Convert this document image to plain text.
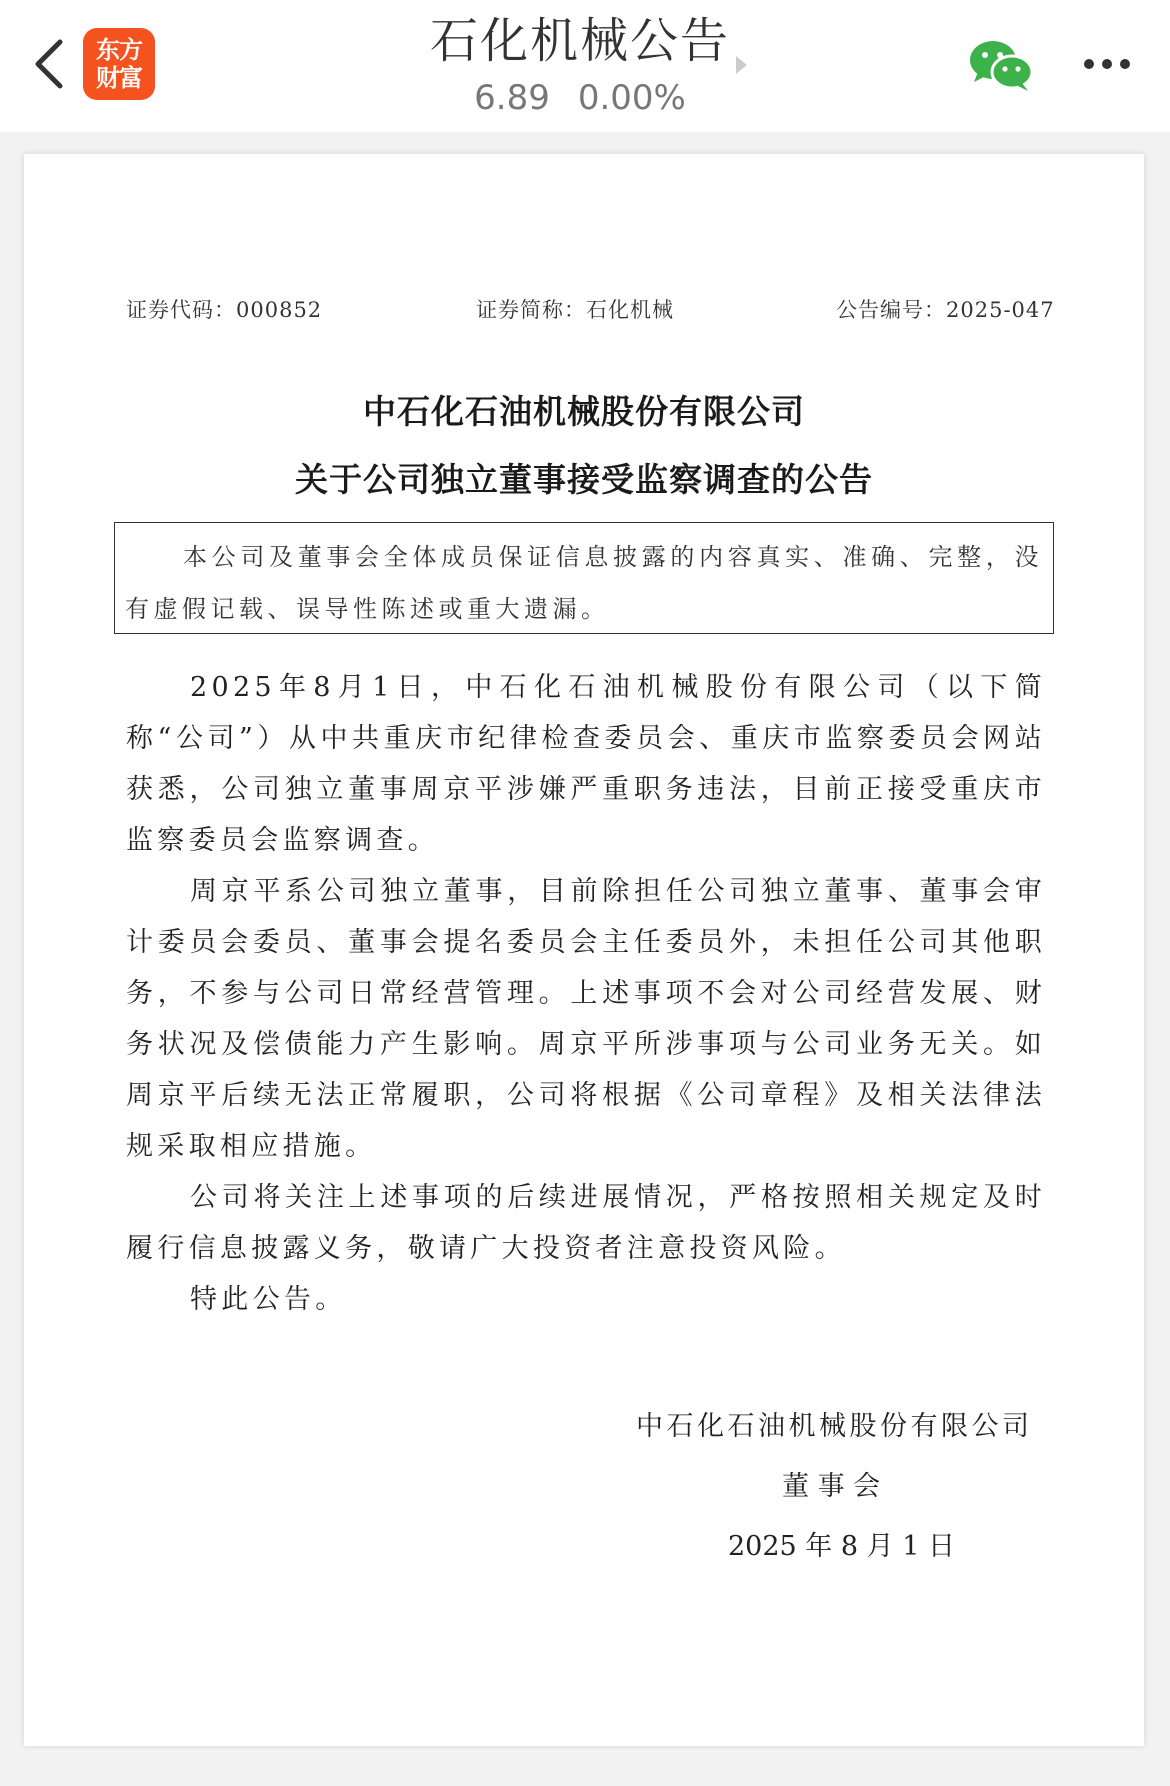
东方
财富
石化机械公告
6.89 0.00%
证券代码：000852	证券简称：石化机械	公告编号：2025-047
中石化石油机械股份有限公司
关于公司独立董事接受监察调查的公告
本公司及董事会全体成员保证信息披露的内容真实、准确、完整，没有虚假记载、误导性陈述或重大遗漏。

2025年8月1日，中石化石油机械股份有限公司（以下简称“公司”）从中共重庆市纪律检查委员会、重庆市监察委员会网站获悉，公司独立董事周京平涉嫌严重职务违法，目前正接受重庆市监察委员会监察调查。

周京平系公司独立董事，目前除担任公司独立董事、董事会审计委员会委员、董事会提名委员会主任委员外，未担任公司其他职务，不参与公司日常经营管理。上述事项不会对公司经营发展、财务状况及偿债能力产生影响。周京平所涉事项与公司业务无关。如周京平后续无法正常履职，公司将根据《公司章程》及相关法律法规采取相应措施。

公司将关注上述事项的后续进展情况，严格按照相关规定及时履行信息披露义务，敬请广大投资者注意投资风险。

特此公告。

中石化石油机械股份有限公司
董 事 会
2025 年 8 月 1 日
